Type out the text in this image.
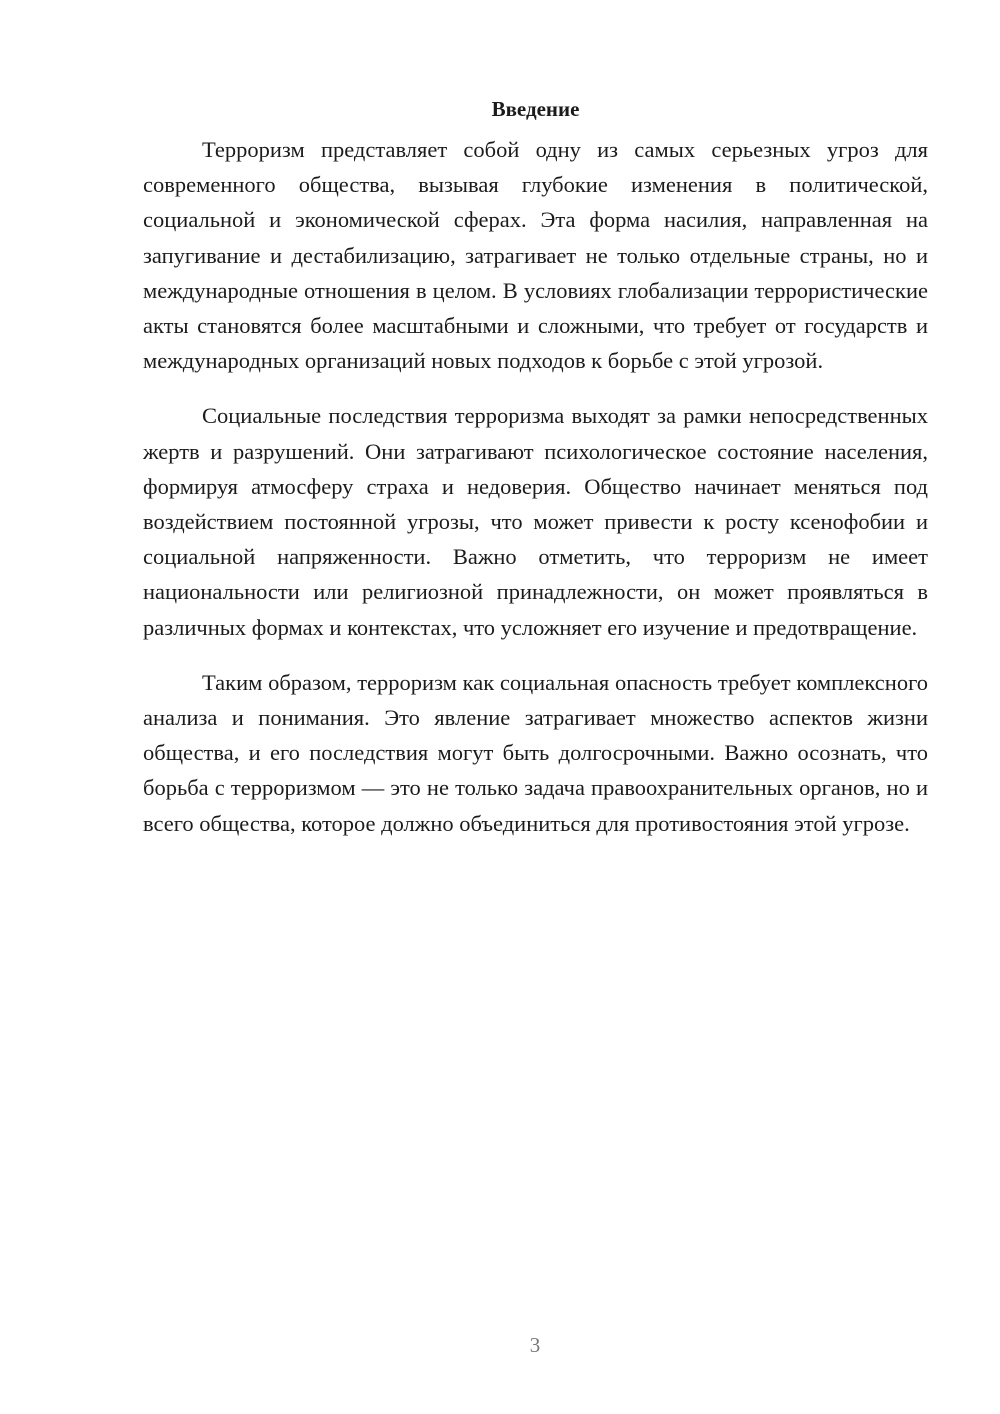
Введение

Терроризм представляет собой одну из самых серьезных угроз для современного общества, вызывая глубокие изменения в политической, социальной и экономической сферах. Эта форма насилия, направленная на запугивание и дестабилизацию, затрагивает не только отдельные страны, но и международные отношения в целом. В условиях глобализации террористические акты становятся более масштабными и сложными, что требует от государств и международных организаций новых подходов к борьбе с этой угрозой.

Социальные последствия терроризма выходят за рамки непосредственных жертв и разрушений. Они затрагивают психологическое состояние населения, формируя атмосферу страха и недоверия. Общество начинает меняться под воздействием постоянной угрозы, что может привести к росту ксенофобии и социальной напряженности. Важно отметить, что терроризм не имеет национальности или религиозной принадлежности, он может проявляться в различных формах и контекстах, что усложняет его изучение и предотвращение.

Таким образом, терроризм как социальная опасность требует комплексного анализа и понимания. Это явление затрагивает множество аспектов жизни общества, и его последствия могут быть долгосрочными. Важно осознать, что борьба с терроризмом — это не только задача правоохранительных органов, но и всего общества, которое должно объединиться для противостояния этой угрозе.

3
